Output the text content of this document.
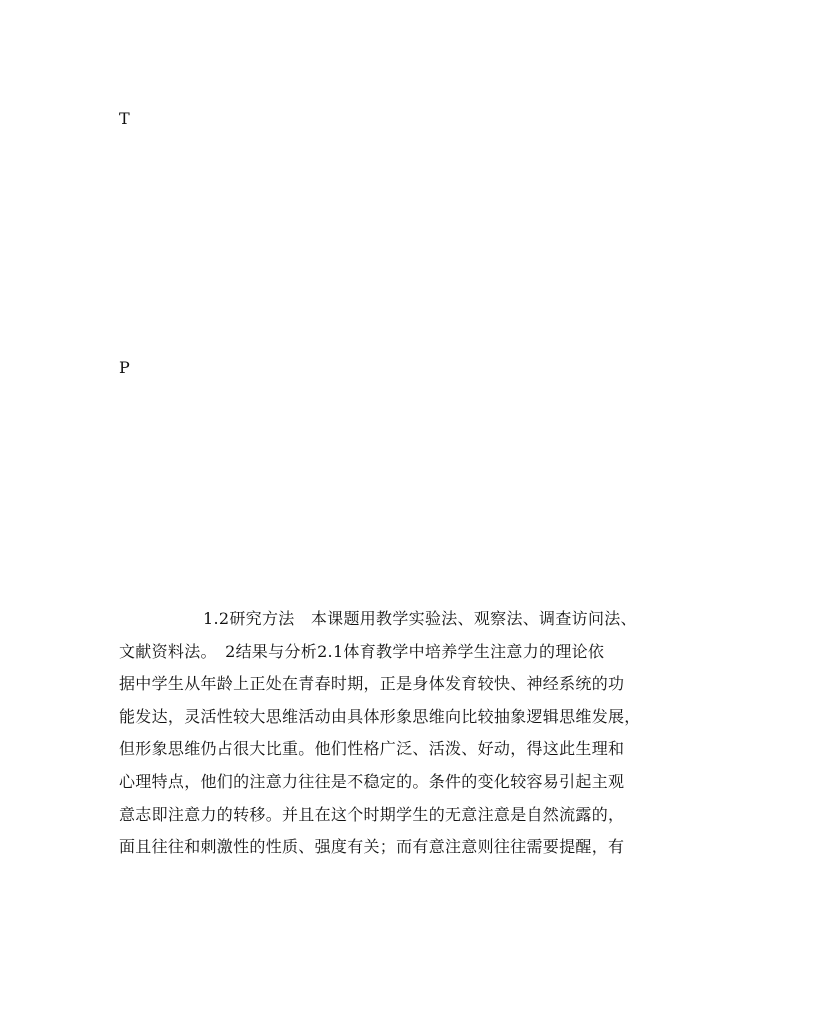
T
P
1.2研究方法　本课题用教学实验法、观察法、调查访问法、
文献资料法。　2结果与分析2.1体育教学中培养学生注意力的理论依
据中学生从年龄上正处在青春时期，正是身体发育较快、神经系统的功
能发达，灵活性较大思维活动由具体形象思维向比较抽象逻辑思维发展，
但形象思维仍占很大比重。他们性格广泛、活泼、好动，得这此生理和
心理特点，他们的注意力往往是不稳定的。条件的变化较容易引起主观
意志即注意力的转移。并且在这个时期学生的无意注意是自然流露的，
面且往往和刺激性的性质、强度有关；而有意注意则往往需要提醒，有
